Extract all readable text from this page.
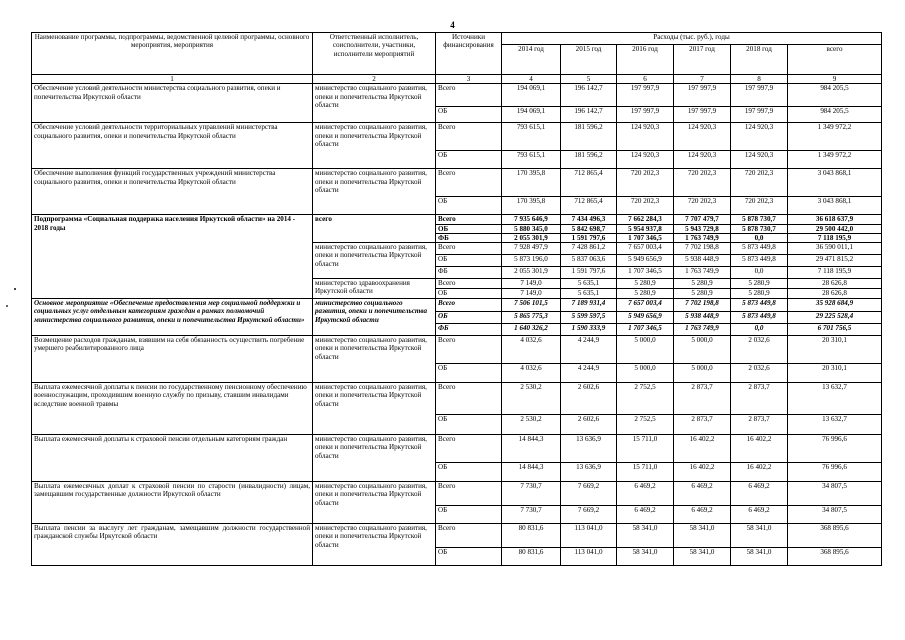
4
Наименование программы, подпрограммы, ведомственной целевой программы, основного мероприятия, мероприятия	Ответственный исполнитель, соисполнители, участники, исполнители мероприятий	Источники финансирования	Расходы (тыс. руб.), годы					
			2014 год	2015 год	2016 год	2017 год	2018 год	всего
1	2	3	4	5	6	7	8	9
Обеспечение условий деятельности министерства социального развития, опеки и попечительства Иркутской области	министерство социального развития, опеки и попечительства Иркутской области	Всего	194 069,1	196 142,7	197 997,9	197 997,9	197 997,9	984 205,5
		ОБ	194 069,1	196 142,7	197 997,9	197 997,9	197 997,9	984 205,5
Обеспечение условий деятельности территориальных управлений министерства социального развития, опеки и попечительства Иркутской области	министерство социального развития, опеки и попечительства Иркутской области	Всего	793 615,1	181 596,2	124 920,3	124 920,3	124 920,3	1 349 972,2
		ОБ	793 615,1	181 596,2	124 920,3	124 920,3	124 920,3	1 349 972,2
Обеспечение выполнения функций государственных учреждений министерства социального развития, опеки и попечительства Иркутской области	министерство социального развития, опеки и попечительства Иркутской области	Всего	170 395,8	712 865,4	720 202,3	720 202,3	720 202,3	3 043 868,1
		ОБ	170 395,8	712 865,4	720 202,3	720 202,3	720 202,3	3 043 868,1
Подпрограмма «Социальная поддержка населения Иркутской области» на 2014 - 2018 годы	всего	Всего	7 935 646,9	7 434 496,3	7 662 284,3	7 707 479,7	5 878 730,7	36 618 637,9
		ОБ	5 880 345,0	5 842 698,7	5 954 937,8	5 943 729,8	5 878 730,7	29 500 442,0
		ФБ	2 055 301,9	1 591 797,6	1 707 346,5	1 763 749,9	0,0	7 118 195,9
	министерство социального развития, опеки и попечительства Иркутской области	Всего	7 928 497,9	7 428 861,2	7 657 003,4	7 702 198,8	5 873 449,8	36 590 011,1
		ОБ	5 873 196,0	5 837 063,6	5 949 656,9	5 938 448,9	5 873 449,8	29 471 815,2
		ФБ	2 055 301,9	1 591 797,6	1 707 346,5	1 763 749,9	0,0	7 118 195,9
	министерство здравоохранения Иркутской области	Всего	7 149,0	5 635,1	5 280,9	5 280,9	5 280,9	28 626,8
		ОБ	7 149,0	5 635,1	5 280,9	5 280,9	5 280,9	28 626,8
Основное мероприятие «Обеспечение предоставления мер социальной поддержки и социальных услуг отдельным категориям граждан в рамках полномочий министерства социального развития, опеки и попечительства Иркутской области»	министерство социального развития, опеки и попечительства Иркутской области	Всего	7 506 101,5	7 189 931,4	7 657 003,4	7 702 198,8	5 873 449,8	35 928 684,9
		ОБ	5 865 775,3	5 599 597,5	5 949 656,9	5 938 448,9	5 873 449,8	29 225 528,4
		ФБ	1 640 326,2	1 590 333,9	1 707 346,5	1 763 749,9	0,0	6 701 756,5
Возмещение расходов гражданам, взявшим на себя обязанность осуществить погребение умершего реабилитированного лица	министерство социального развития, опеки и попечительства Иркутской области	Всего	4 032,6	4 244,9	5 000,0	5 000,0	2 032,6	20 310,1
		ОБ	4 032,6	4 244,9	5 000,0	5 000,0	2 032,6	20 310,1
Выплата ежемесячной доплаты к пенсии по государственному пенсионному обеспечению военнослужащим, проходившим военную службу по призыву, ставшим инвалидами вследствие военной травмы	министерство социального развития, опеки и попечительства Иркутской области	Всего	2 530,2	2 602,6	2 752,5	2 873,7	2 873,7	13 632,7
		ОБ	2 530,2	2 602,6	2 752,5	2 873,7	2 873,7	13 632,7
Выплата ежемесячной доплаты к страховой пенсии отдельным категориям граждан	министерство социального развития, опеки и попечительства Иркутской области	Всего	14 844,3	13 636,9	15 711,0	16 402,2	16 402,2	76 996,6
		ОБ	14 844,3	13 636,9	15 711,0	16 402,2	16 402,2	76 996,6
Выплата ежемесячных доплат к страховой пенсии по старости (инвалидности) лицам, замещавшим государственные должности Иркутской области	министерство социального развития, опеки и попечительства Иркутской области	Всего	7 730,7	7 669,2	6 469,2	6 469,2	6 469,2	34 807,5
		ОБ	7 730,7	7 669,2	6 469,2	6 469,2	6 469,2	34 807,5
Выплата пенсии за выслугу лет гражданам, замещавшим должности государственной гражданской службы Иркутской области	министерство социального развития, опеки и попечительства Иркутской области	Всего	80 831,6	113 041,0	58 341,0	58 341,0	58 341,0	368 895,6
		ОБ	80 831,6	113 041,0	58 341,0	58 341,0	58 341,0	368 895,6
